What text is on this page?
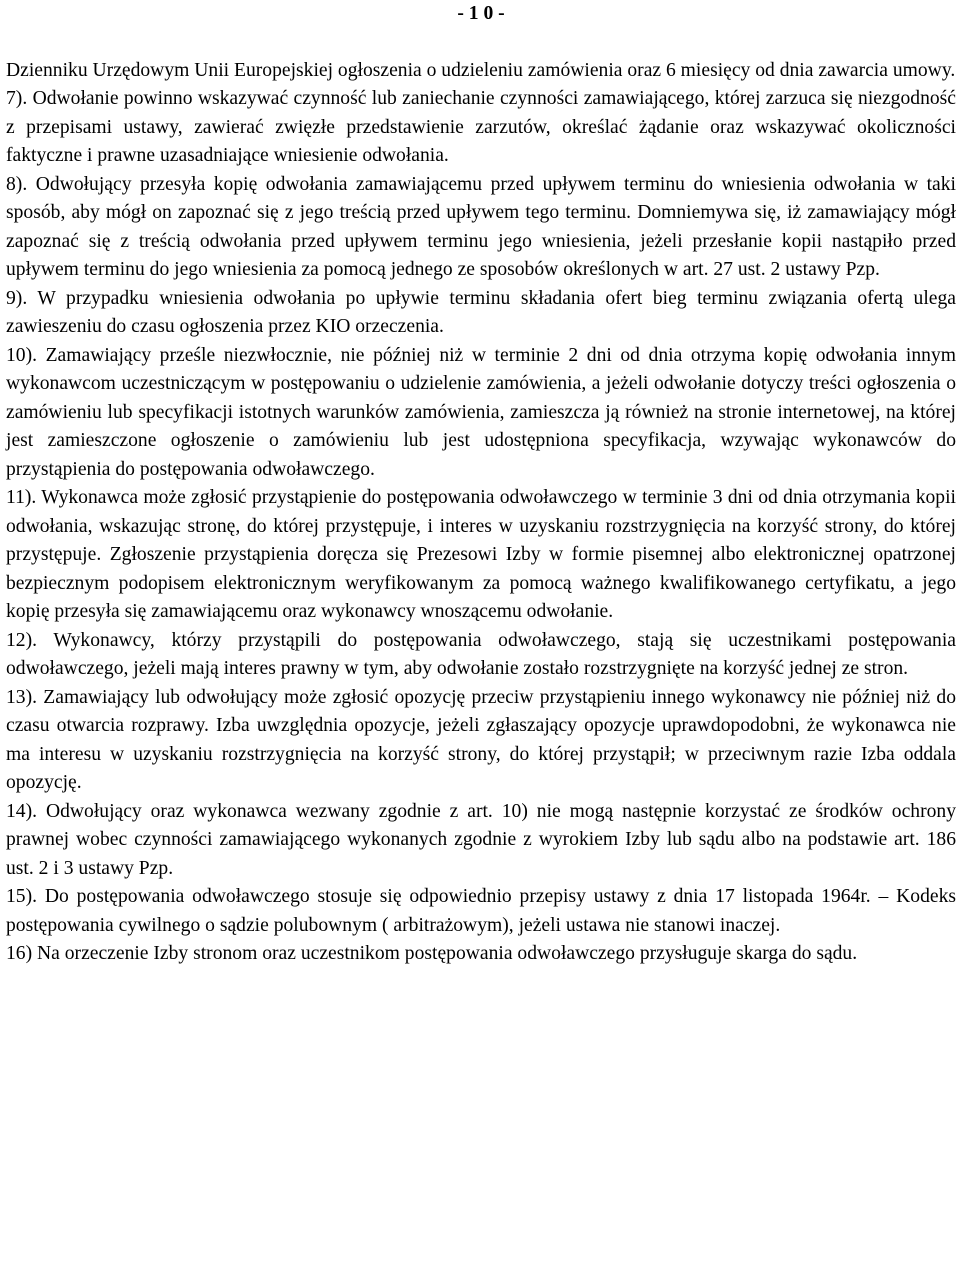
- 1 0 -

Dzienniku Urzędowym Unii Europejskiej ogłoszenia o udzieleniu zamówienia oraz 6 miesięcy od dnia zawarcia umowy.

7). Odwołanie powinno wskazywać czynność lub zaniechanie czynności zamawiającego, której zarzuca się niezgodność z przepisami ustawy, zawierać zwięzłe przedstawienie zarzutów, określać żądanie oraz wskazywać okoliczności faktyczne i prawne uzasadniające wniesienie odwołania.

8). Odwołujący przesyła kopię odwołania zamawiającemu przed upływem terminu do wniesienia odwołania w taki sposób, aby mógł on zapoznać się z jego treścią przed upływem tego terminu. Domniemywa się, iż zamawiający mógł zapoznać się z treścią odwołania przed upływem terminu jego wniesienia, jeżeli przesłanie kopii nastąpiło przed upływem terminu do jego wniesienia za pomocą jednego ze sposobów określonych w art. 27 ust. 2 ustawy Pzp.

9). W przypadku wniesienia odwołania po upływie terminu składania ofert bieg terminu związania ofertą ulega zawieszeniu do czasu ogłoszenia przez KIO orzeczenia.

10). Zamawiający prześle niezwłocznie, nie później niż w terminie 2 dni od dnia otrzyma kopię odwołania innym wykonawcom uczestniczącym w postępowaniu o udzielenie zamówienia, a jeżeli odwołanie dotyczy treści ogłoszenia o zamówieniu lub specyfikacji istotnych warunków zamówienia, zamieszcza ją również na stronie internetowej, na której jest zamieszczone ogłoszenie o zamówieniu lub jest udostępniona specyfikacja, wzywając wykonawców do przystąpienia do postępowania odwoławczego.

11). Wykonawca może zgłosić przystąpienie do postępowania odwoławczego w terminie 3 dni od dnia otrzymania kopii odwołania, wskazując stronę, do której przystępuje, i interes w uzyskaniu rozstrzygnięcia na korzyść strony, do której przystępuje. Zgłoszenie przystąpienia doręcza się Prezesowi Izby w formie pisemnej albo elektronicznej opatrzonej bezpiecznym podopisem elektronicznym weryfikowanym za pomocą ważnego kwalifikowanego certyfikatu, a jego kopię przesyła się zamawiającemu oraz wykonawcy wnoszącemu odwołanie.

12). Wykonawcy, którzy przystąpili do postępowania odwoławczego, stają się uczestnikami postępowania odwoławczego, jeżeli mają interes prawny w tym, aby odwołanie zostało rozstrzygnięte na korzyść jednej ze stron.

13). Zamawiający lub odwołujący może zgłosić opozycję przeciw przystąpieniu innego wykonawcy nie później niż do czasu otwarcia rozprawy. Izba uwzględnia opozycje, jeżeli zgłaszający opozycje uprawdopodobni, że wykonawca nie ma interesu w uzyskaniu rozstrzygnięcia na korzyść strony, do której przystąpił; w przeciwnym razie Izba oddala opozycję.

14). Odwołujący oraz wykonawca wezwany zgodnie z art. 10) nie mogą następnie korzystać ze środków ochrony prawnej wobec czynności zamawiającego wykonanych zgodnie z wyrokiem Izby lub sądu albo na podstawie art. 186 ust. 2 i 3 ustawy Pzp.

15). Do postępowania odwoławczego stosuje się odpowiednio przepisy ustawy z dnia 17 listopada 1964r. – Kodeks postępowania cywilnego o sądzie polubownym ( arbitrażowym), jeżeli ustawa nie stanowi inaczej.

16) Na orzeczenie Izby stronom oraz uczestnikom postępowania odwoławczego przysługuje skarga do sądu.
